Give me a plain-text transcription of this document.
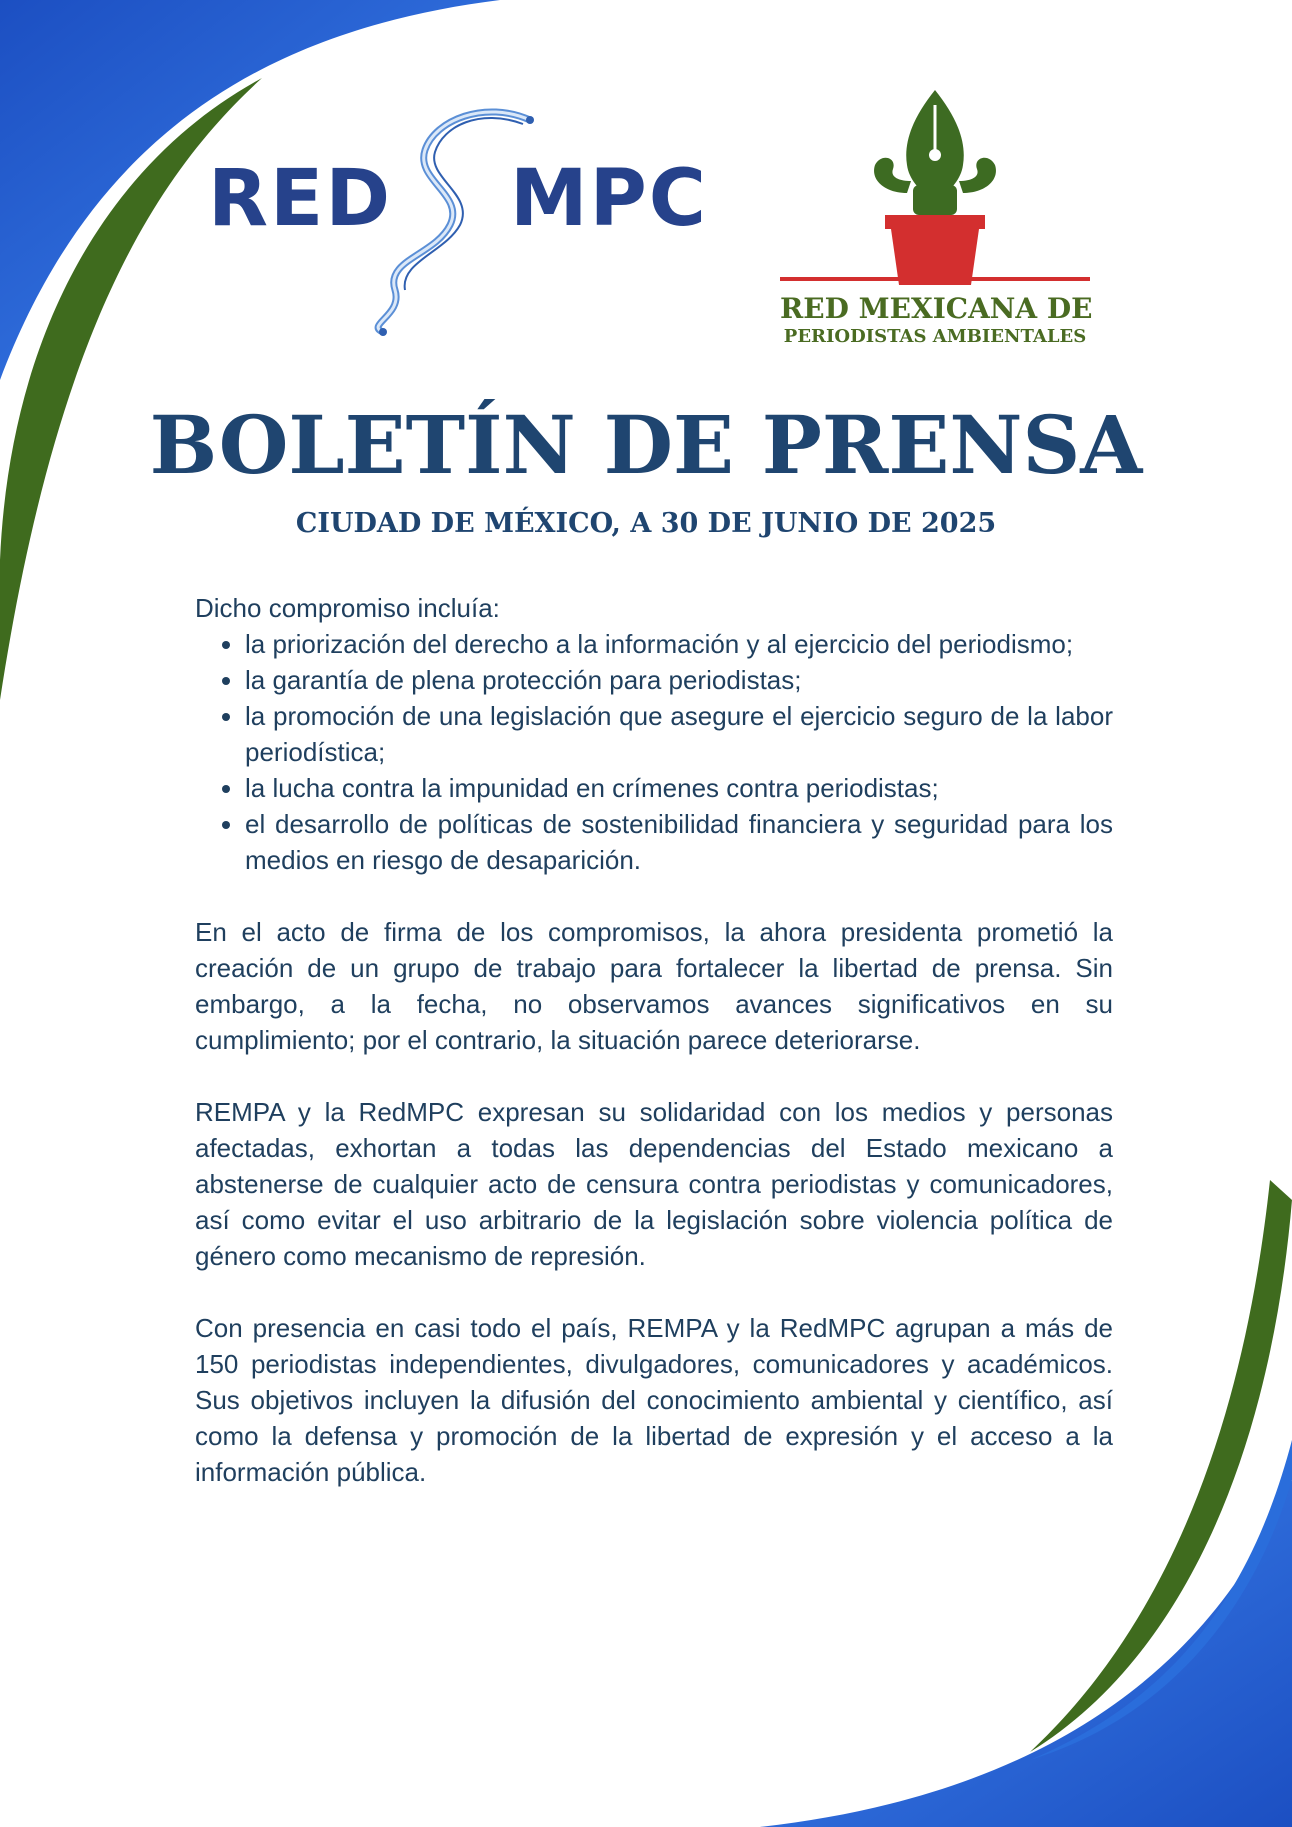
RED MPC
RED MEXICANA DE
PERIODISTAS AMBIENTALES
BOLETÍN DE PRENSA
CIUDAD DE MÉXICO, A 30 DE JUNIO DE 2025

Dicho compromiso incluía:

• la priorización del derecho a la información y al ejercicio del periodismo;
• la garantía de plena protección para periodistas;
• la promoción de una legislación que asegure el ejercicio seguro de la labor periodística;
• la lucha contra la impunidad en crímenes contra periodistas;
• el desarrollo de políticas de sostenibilidad financiera y seguridad para los medios en riesgo de desaparición.

En el acto de firma de los compromisos, la ahora presidenta prometió la creación de un grupo de trabajo para fortalecer la libertad de prensa. Sin embargo, a la fecha, no observamos avances significativos en su cumplimiento; por el contrario, la situación parece deteriorarse.

REMPA y la RedMPC expresan su solidaridad con los medios y personas afectadas, exhortan a todas las dependencias del Estado mexicano a abstenerse de cualquier acto de censura contra periodistas y comunicadores, así como evitar el uso arbitrario de la legislación sobre violencia política de género como mecanismo de represión.

Con presencia en casi todo el país, REMPA y la RedMPC agrupan a más de 150 periodistas independientes, divulgadores, comunicadores y académicos. Sus objetivos incluyen la difusión del conocimiento ambiental y científico, así como la defensa y promoción de la libertad de expresión y el acceso a la información pública.
